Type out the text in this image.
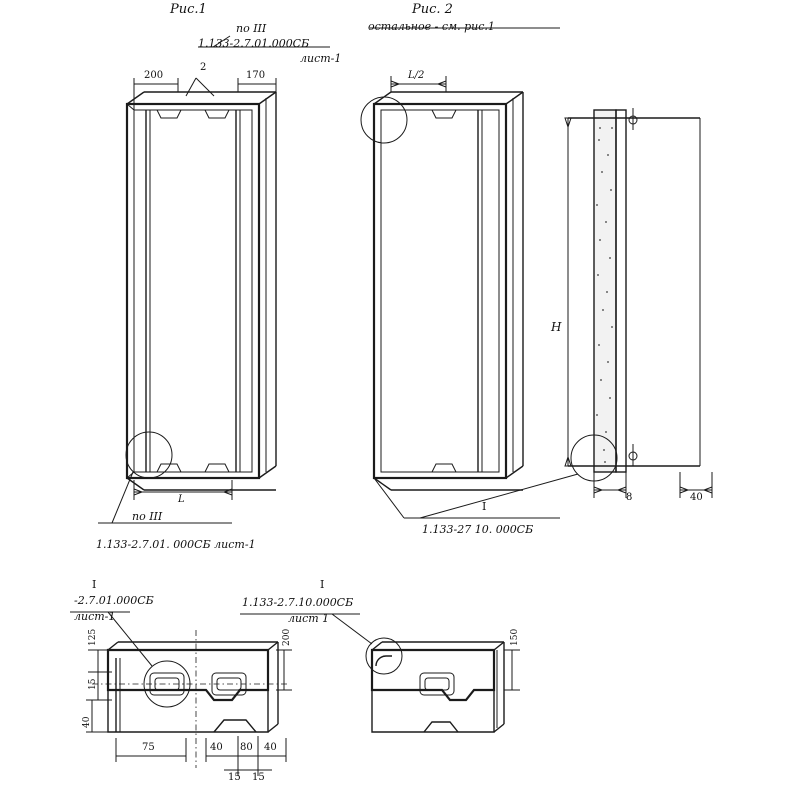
Рис.1	Рис. 2
остальное - см. рис.1
по III
1.133-2.7.01.000СБ
лист-1
по III
1.133-2.7.01. 000СБ лист-1
I
1.133-27 10. 000СБ
I
-2.7.01.000СБ
лист-1
I
1.133-2.7.10.000СБ
лист 1
200
2
170
L
L/2
H
8	40
125
15
40
200
75	40 80 40
15 15
150
